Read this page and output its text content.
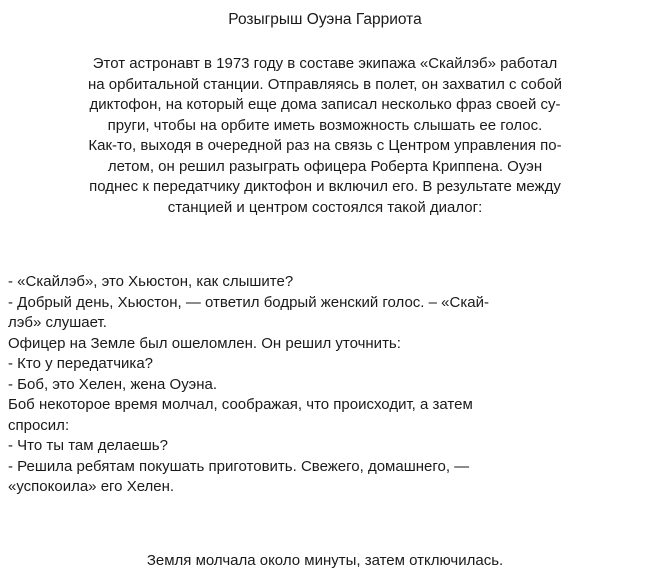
Розыгрыш Оуэна Гарриота
Этот астронавт в 1973 году в составе экипажа «Скайлэб» работал
на орбитальной станции. Отправляясь в полет, он захватил с собой
диктофон, на который еще дома записал несколько фраз своей су-
пруги, чтобы на орбите иметь возможность слышать ее голос.
Как-то, выходя в очередной раз на связь с Центром управления по-
летом, он решил разыграть офицера Роберта Криппена. Оуэн
поднес к передатчику диктофон и включил его. В результате между
станцией и центром состоялся такой диалог:
- «Скайлэб», это Хьюстон, как слышите?
- Добрый день, Хьюстон, — ответил бодрый женский голос. – «Скай-
лэб» слушает.
Офицер на Земле был ошеломлен. Он решил уточнить:
- Кто у передатчика?
- Боб, это Хелен, жена Оуэна.
Боб некоторое время молчал, соображая, что происходит, а затем
спросил:
- Что ты там делаешь?
- Решила ребятам покушать приготовить. Свежего, домашнего, —
«успокоила» его Хелен.
Земля молчала около минуты, затем отключилась.
